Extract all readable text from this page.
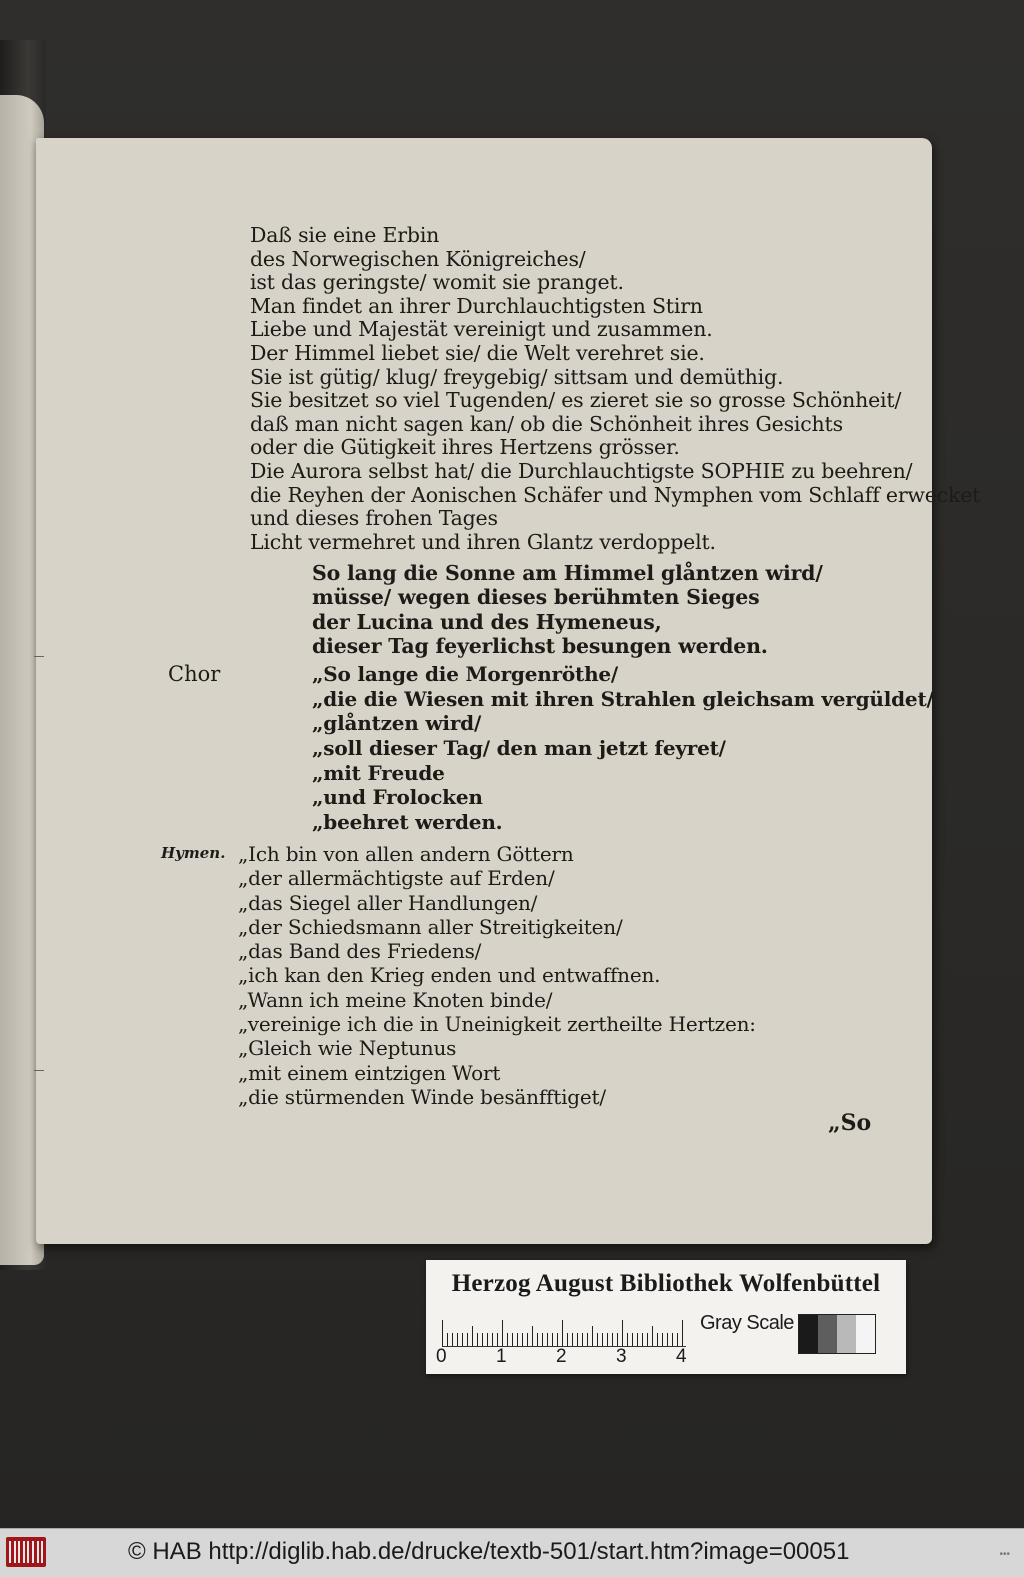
Daß sie eine Erbin
des Norwegischen Königreiches/
ist das geringste/ womit sie pranget.
Man findet an ihrer Durchlauchtigsten Stirn
Liebe und Majestät vereinigt und zusammen.
Der Himmel liebet sie/ die Welt verehret sie.
Sie ist gütig/ klug/ freygebig/ sittsam und demüthig.
Sie besitzet so viel Tugenden/ es zieret sie so grosse Schönheit/
daß man nicht sagen kan/ ob die Schönheit ihres Gesichts
oder die Gütigkeit ihres Hertzens grösser.
Die Aurora selbst hat/ die Durchlauchtigste SOPHIE zu beehren/
die Reyhen der Aonischen Schäfer und Nymphen vom Schlaff erwecket
und dieses frohen Tages
Licht vermehret und ihren Glantz verdoppelt.
So lang die Sonne am Himmel glåntzen wird/
müsse/ wegen dieses berühmten Sieges
der Lucina und des Hymeneus,
dieser Tag feyerlichst besungen werden.
Chor	„So lange die Morgenröthe/
„die die Wiesen mit ihren Strahlen gleichsam vergüldet/
„glåntzen wird/
„soll dieser Tag/ den man jetzt feyret/
„mit Freude
„und Frolocken
„beehret werden.
Hymen. „Ich bin von allen andern Göttern
„der allermächtigste auf Erden/
„das Siegel aller Handlungen/
„der Schiedsmann aller Streitigkeiten/
„das Band des Friedens/
„ich kan den Krieg enden und entwaffnen.
„Wann ich meine Knoten binde/
„vereinige ich die in Uneinigkeit zertheilte Hertzen:
„Gleich wie Neptunus
„mit einem eintzigen Wort
„die stürmenden Winde besänfftiget/
„So
Herzog August Bibliothek Wolfenbüttel
0	1	2	3	4
Gray Scale
© HAB http://diglib.hab.de/drucke/textb-501/start.htm?image=00051	•••
